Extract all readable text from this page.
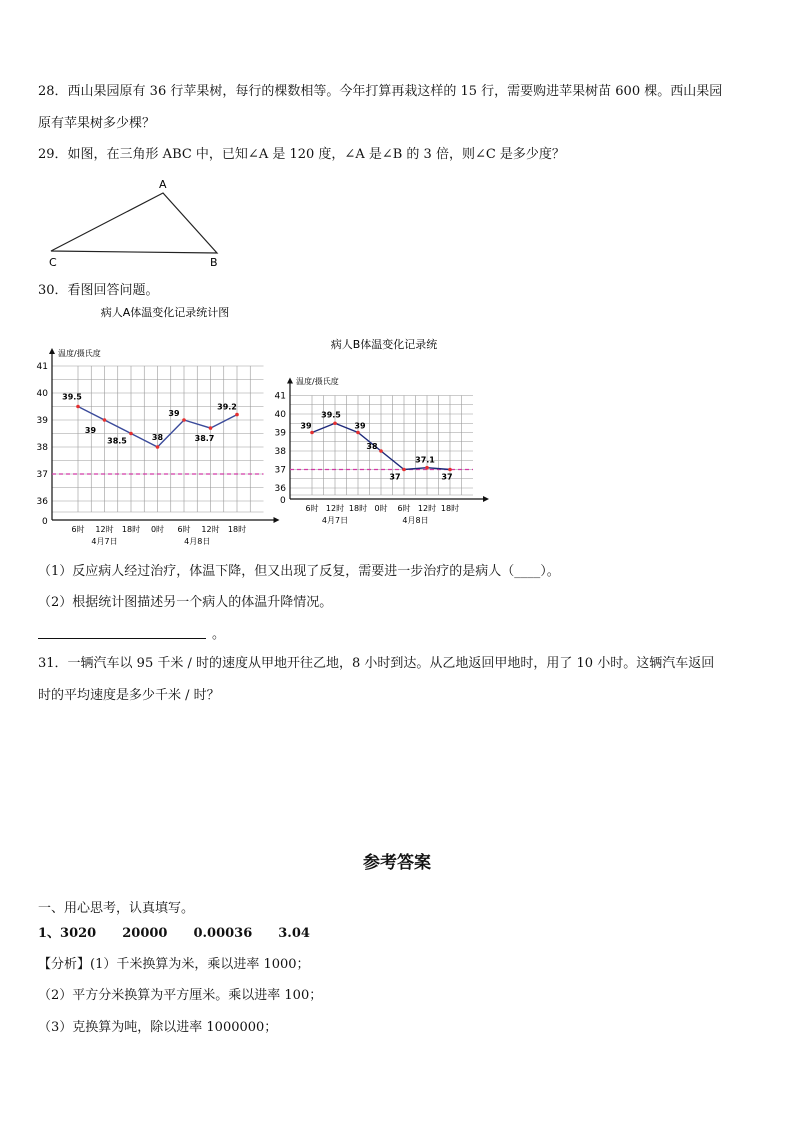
28．西山果园原有 36 行苹果树，每行的棵数相等。今年打算再栽这样的 15 行，需要购进苹果树苗 600 棵。西山果园
原有苹果树多少棵？
29．如图，在三角形 ABC 中，已知∠A 是 120 度，∠A 是∠B 的 3 倍，则∠C 是多少度？
A
B
C
30．看图回答问题。
病人A体温变化记录统计图
温度/摄氏度
0
36
37
38
39
40
41
6时 12时 18时 0时 6时 12时 18时
4月7日	4月8日
39.5
39
38.5	38
39
38.7
39.2
病人B体温变化记录统
温度/摄氏度
0
36
37
38
39
40
41
6时 12时 18时 0时 6时 12时 18时
4月7日	4月8日
39
39.5
39
38
37
37.1
37
（1）反应病人经过治疗，体温下降，但又出现了反复，需要进一步治疗的是病人（____）。
（2）根据统计图描述另一个病人的体温升降情况。
。
31．一辆汽车以 95 千米 / 时的速度从甲地开往乙地，8 小时到达。从乙地返回甲地时，用了 10 小时。这辆汽车返回
时的平均速度是多少千米 / 时？
参考答案
一、用心思考，认真填写。
1、3020　　20000　　0.00036　　3.04
【分析】(1）千米换算为米，乘以进率 1000；
（2）平方分米换算为平方厘米。乘以进率 100；
（3）克换算为吨，除以进率 1000000；
